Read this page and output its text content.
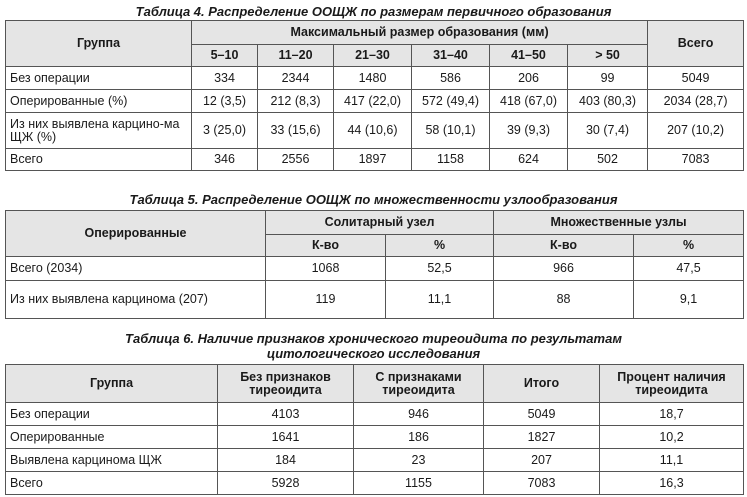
Таблица 4. Распределение ООЩЖ по размерам первичного образования
Группа	Максимальный размер образования (мм)						Всего
	5–10	11–20	21–30	31–40	41–50	> 50	
Без операции	334	2344	1480	586	206	99	5049
Оперированные (%)	12 (3,5)	212 (8,3)	417 (22,0)	572 (49,4)	418 (67,0)	403 (80,3)	2034 (28,7)
Из них выявлена карцино-ма ЩЖ (%)	3 (25,0)	33 (15,6)	44 (10,6)	58 (10,1)	39 (9,3)	30 (7,4)	207 (10,2)
Всего	346	2556	1897	1158	624	502	7083
Таблица 5. Распределение ООЩЖ по множественности узлообразования
Оперированные	Солитарный узел		Множественные узлы	
	К-во	%	К-во	%
Всего (2034)	1068	52,5	966	47,5
Из них выявлена карцинома (207)	119	11,1	88	9,1
Таблица 6. Наличие признаков хронического тиреоидита по результатам
цитологического исследования
Группа	Без признаков тиреоидита	С признаками тиреоидита	Итого	Процент наличия тиреоидита
Без операции	4103	946	5049	18,7
Оперированные	1641	186	1827	10,2
Выявлена карцинома ЩЖ	184	23	207	11,1
Всего	5928	1155	7083	16,3
